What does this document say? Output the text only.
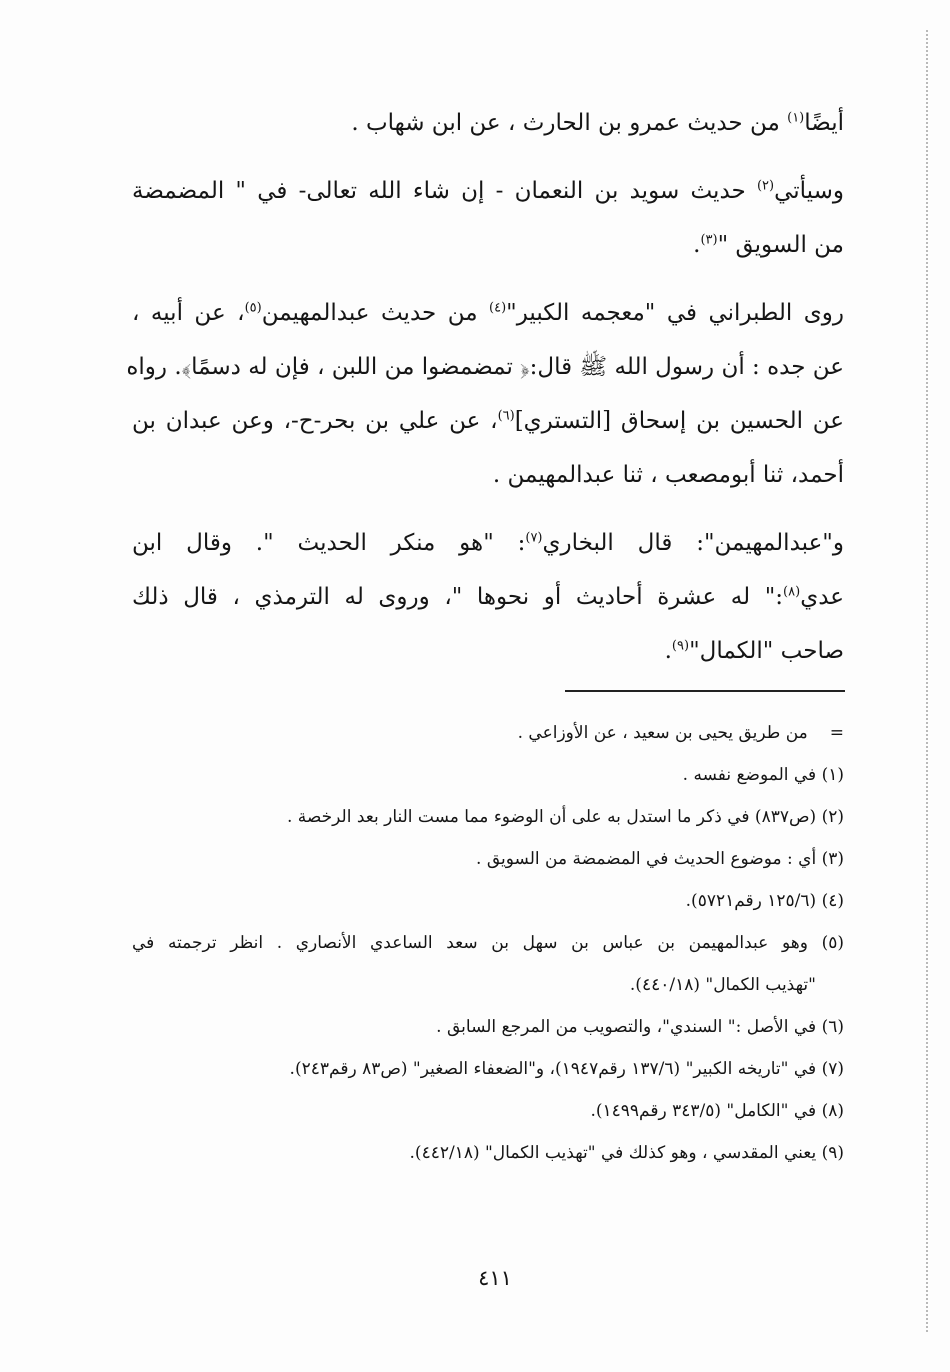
أيضًا$^{(١)}$ من حديث عمرو بن الحارث ، عن ابن شهاب .

وسيأتي$^{(٢)}$ حديث سويد بن النعمان - إن شاء الله تعالى- في " المضمضة
من السويق "$^{(٣)}$.

روى الطبراني في "معجمه الكبير"$^{(٤)}$ من حديث عبدالمهيمن$^{(٥)}$، عن أبيه ،
عن جده : أن رسول الله ﷺ قال:﴿ تمضمضوا من اللبن ، فإن له دسمًا﴾. رواه
عن الحسين بن إسحاق [التستري]$^{(٦)}$، عن علي بن بحر-ح-، وعن عبدان بن
أحمد، ثنا أبومصعب ، ثنا عبدالمهيمن .

و"عبدالمهيمن": قال البخاري$^{(٧)}$: "هو منكر الحديث ". وقال ابن
عدي$^{(٨)}$:" له عشرة أحاديث أو نحوها "، وروى له الترمذي ، قال ذلك
صاحب "الكمال"$^{(٩)}$.

=
من طريق يحيى بن سعيد ، عن الأوزاعي .
(١) في الموضع نفسه .
(٢) (ص٨٣٧) في ذكر ما استدل به على أن الوضوء مما مست النار بعد الرخصة .
(٣) أي : موضوع الحديث في المضمضة من السويق .
(٤) (١٢٥/٦ رقم٥٧٢١).
(٥) وهو عبدالمهيمن بن عباس بن سهل بن سعد الساعدي الأنصاري . انظر ترجمته في
"تهذيب الكمال" (٤٤٠/١٨).
(٦) في الأصل :" السندي"، والتصويب من المرجع السابق .
(٧) في "تاريخه الكبير" (١٣٧/٦ رقم١٩٤٧)، و"الضعفاء الصغير" (ص٨٣ رقم٢٤٣).
(٨) في "الكامل" (٣٤٣/٥ رقم١٤٩٩).
(٩) يعني المقدسي ، وهو كذلك في "تهذيب الكمال" (٤٤٢/١٨).
٤١١
